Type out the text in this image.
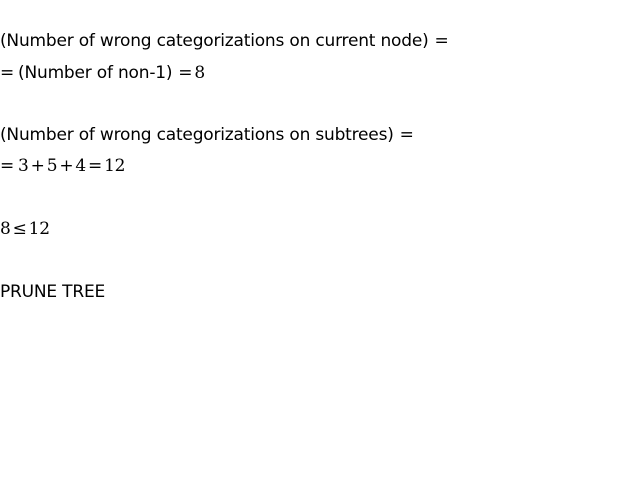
(Number of wrong categorizations on current node) =
= (Number of non-1) = 8
(Number of wrong categorizations on subtrees) =
= 3 + 5 + 4 = 12
8 ≤ 12
PRUNE TREE
